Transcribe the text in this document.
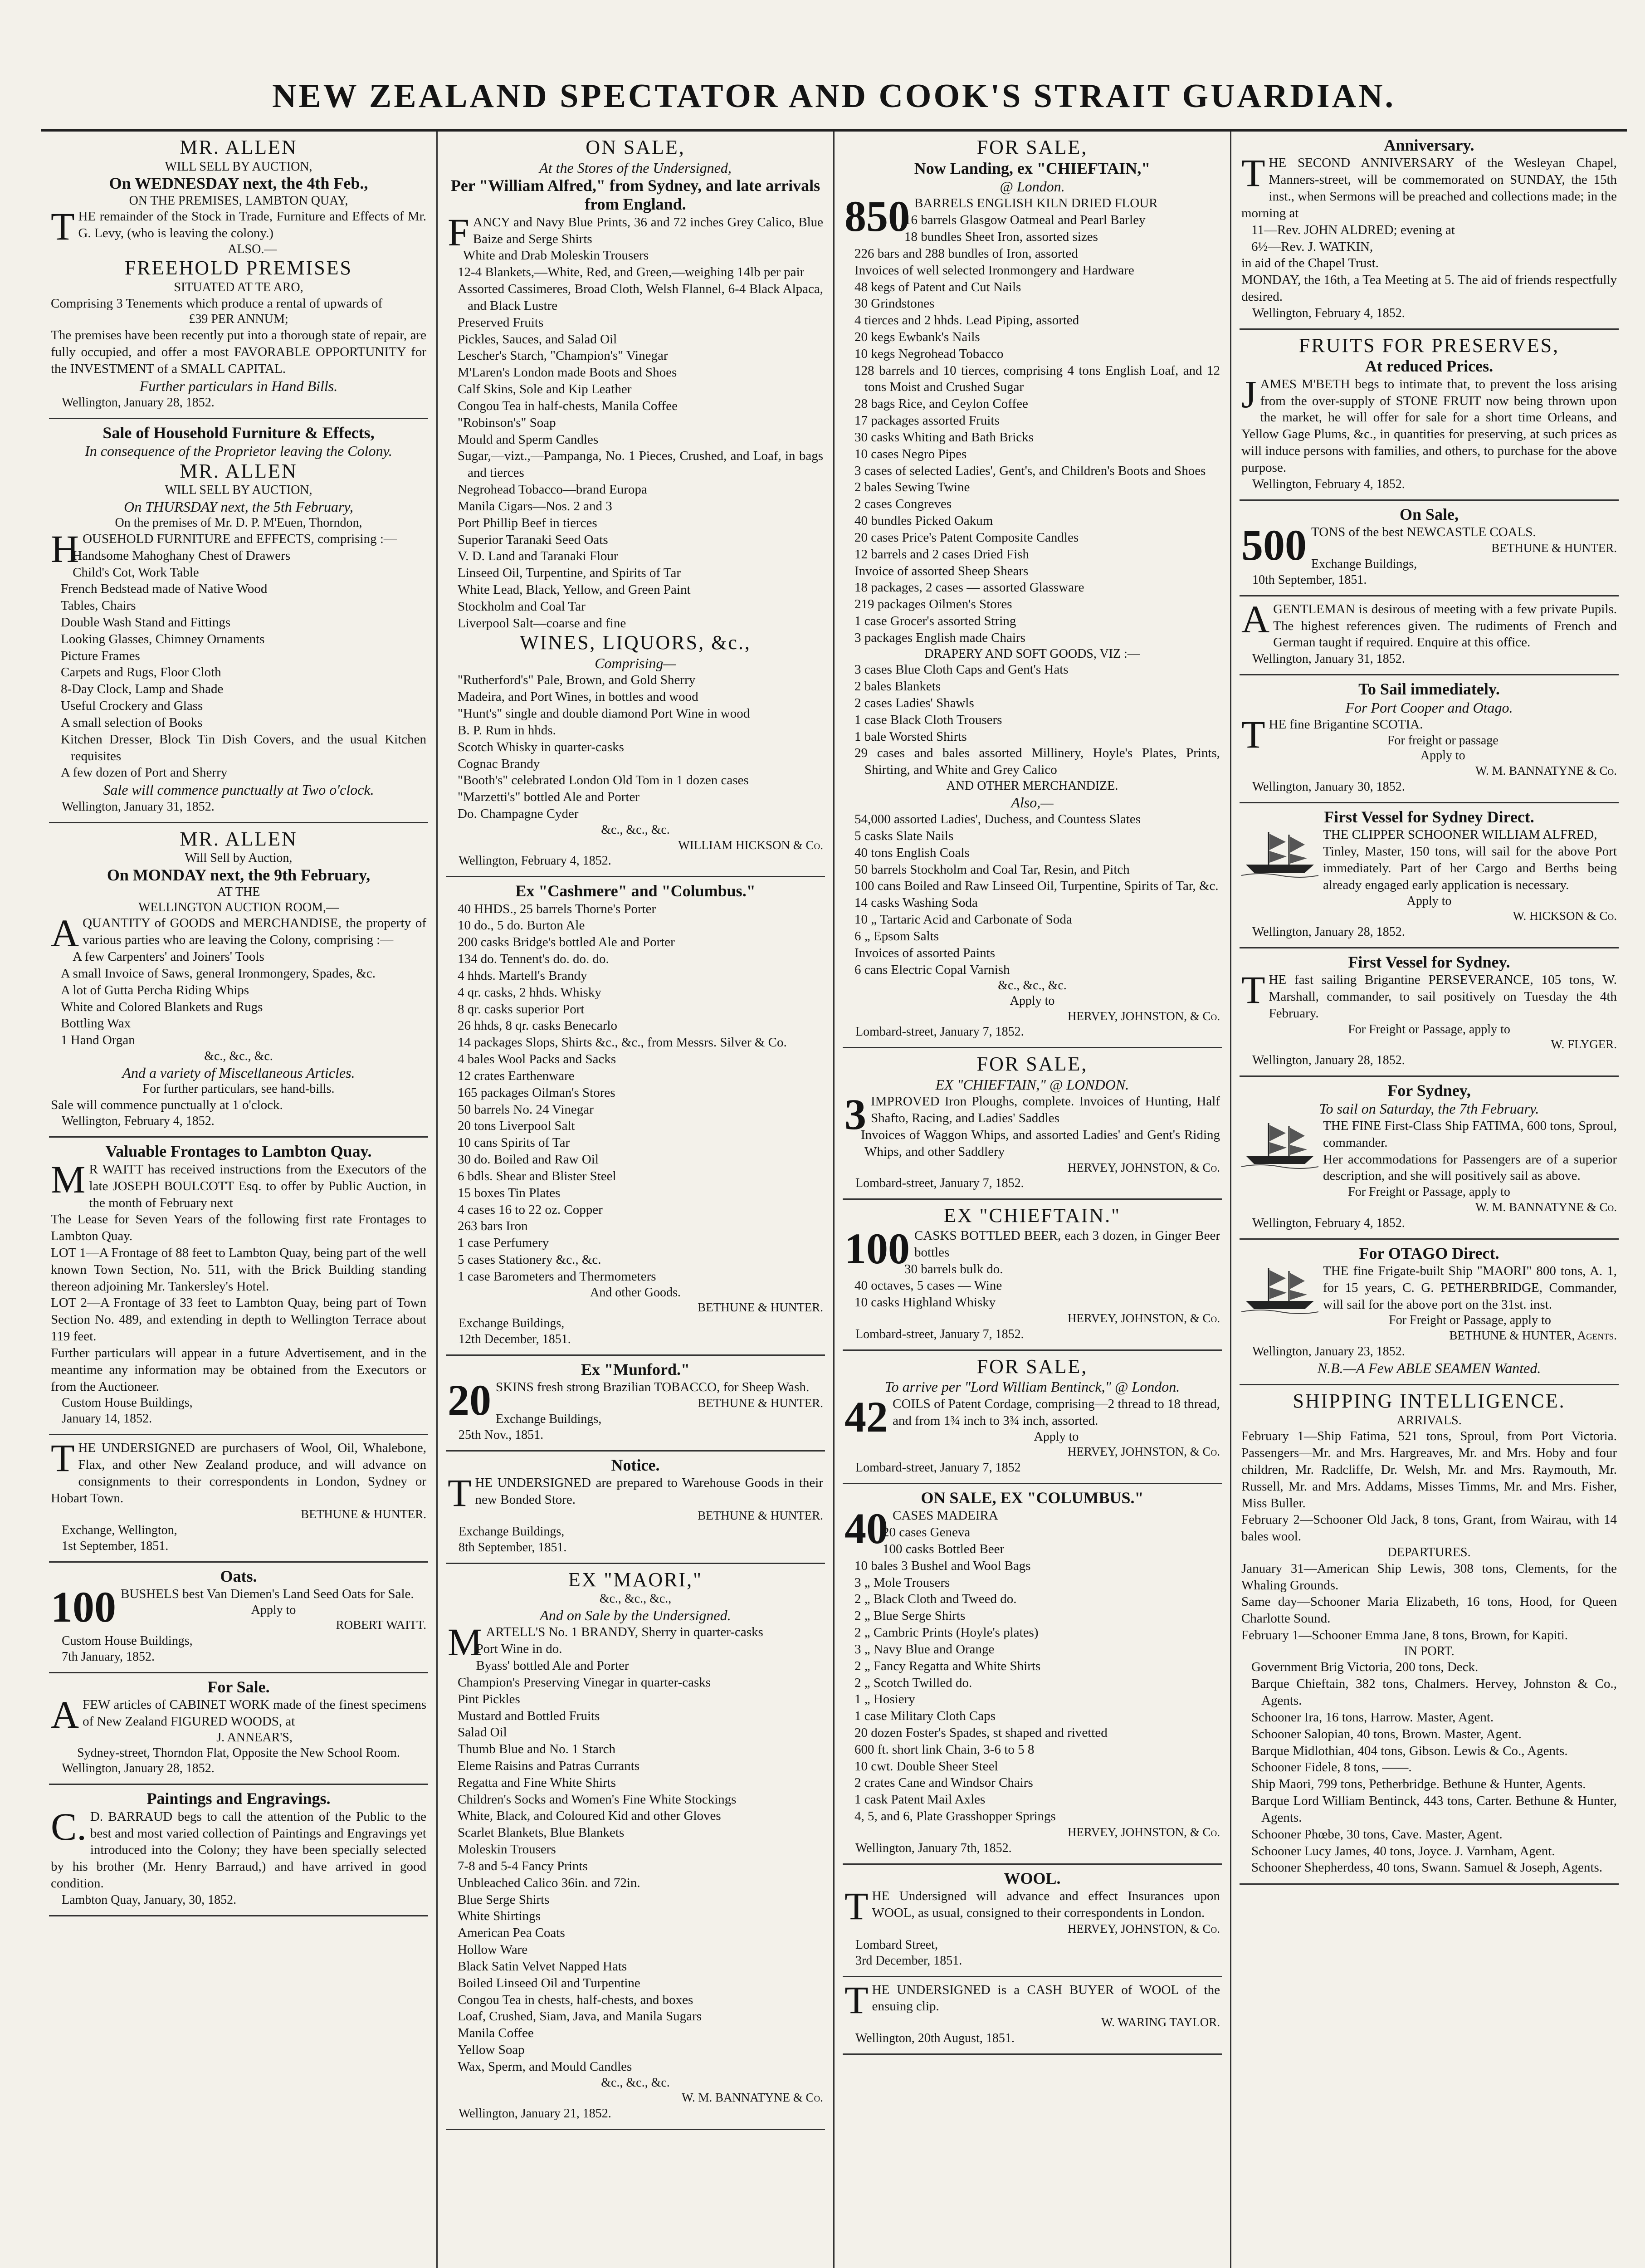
NEW ZEALAND SPECTATOR AND COOK'S STRAIT GUARDIAN.
MR. ALLEN
WILL SELL BY AUCTION,
On WEDNESDAY next, the 4th Feb.,
ON THE PREMISES, LAMBTON QUAY,
THE remainder of the Stock in Trade, Furniture and Effects of Mr. G. Levy, (who is leaving the colony.)
ALSO.—
FREEHOLD PREMISES
SITUATED AT TE ARO,
Comprising 3 Tenements which produce a rental of upwards of
£39 PER ANNUM;
The premises have been recently put into a thorough state of repair, are fully occupied, and offer a most FAVORABLE OPPORTUNITY for the INVESTMENT of a SMALL CAPITAL.
Further particulars in Hand Bills.
Wellington, January 28, 1852.
Sale of Household Furniture & Effects,
In consequence of the Proprietor leaving the Colony.
MR. ALLEN
WILL SELL BY AUCTION,
On THURSDAY next, the 5th February,
On the premises of Mr. D. P. M'Euen, Thorndon,
HOUSEHOLD FURNITURE and EFFECTS, comprising :—
Handsome Mahoghany Chest of Drawers
Child's Cot, Work Table
French Bedstead made of Native Wood
Tables, Chairs
Double Wash Stand and Fittings
Looking Glasses, Chimney Ornaments
Picture Frames
Carpets and Rugs, Floor Cloth
8-Day Clock, Lamp and Shade
Useful Crockery and Glass
A small selection of Books
Kitchen Dresser, Block Tin Dish Covers, and the usual Kitchen requisites
A few dozen of Port and Sherry
Sale will commence punctually at Two o'clock.
Wellington, January 31, 1852.
MR. ALLEN
Will Sell by Auction,
On MONDAY next, the 9th February,
AT THE
WELLINGTON AUCTION ROOM,—
AQUANTITY of GOODS and MERCHANDISE, the property of various parties who are leaving the Colony, comprising :—
A few Carpenters' and Joiners' Tools
A small Invoice of Saws, general Ironmongery, Spades, &c.
A lot of Gutta Percha Riding Whips
White and Colored Blankets and Rugs
Bottling Wax
1 Hand Organ
&c., &c., &c.
And a variety of Miscellaneous Articles.
For further particulars, see hand-bills.
Sale will commence punctually at 1 o'clock.
Wellington, February 4, 1852.
Valuable Frontages to Lambton Quay.
MR WAITT has received instructions from the Executors of the late JOSEPH BOULCOTT Esq. to offer by Public Auction, in the month of February next
The Lease for Seven Years of the following first rate Frontages to Lambton Quay.
LOT 1—A Frontage of 88 feet to Lambton Quay, being part of the well known Town Section, No. 511, with the Brick Building standing thereon adjoining Mr. Tankersley's Hotel.
LOT 2—A Frontage of 33 feet to Lambton Quay, being part of Town Section No. 489, and extending in depth to Wellington Terrace about 119 feet.
Further particulars will appear in a future Advertisement, and in the meantime any information may be obtained from the Executors or from the Auctioneer.
Custom House Buildings,
January 14, 1852.
THE UNDERSIGNED are purchasers of Wool, Oil, Whalebone, Flax, and other New Zealand produce, and will advance on consignments to their correspondents in London, Sydney or Hobart Town.
BETHUNE & HUNTER.
Exchange, Wellington,
1st September, 1851.
Oats.
100 BUSHELS best Van Diemen's Land Seed Oats for Sale.
Apply to
ROBERT WAITT.
Custom House Buildings,
7th January, 1852.
For Sale.
AFEW articles of CABINET WORK made of the finest specimens of New Zealand FIGURED WOODS, at
J. ANNEAR'S,
Sydney-street, Thorndon Flat, Opposite the New School Room.
Wellington, January 28, 1852.
Paintings and Engravings.
C.D. BARRAUD begs to call the attention of the Public to the best and most varied collection of Paintings and Engravings yet introduced into the Colony; they have been specially selected by his brother (Mr. Henry Barraud,) and have arrived in good condition.
Lambton Quay, January, 30, 1852.
ON SALE,
At the Stores of the Undersigned,
Per "William Alfred," from Sydney, and late arrivals from England.
FANCY and Navy Blue Prints, 36 and 72 inches Grey Calico, Blue Baize and Serge Shirts
White and Drab Moleskin Trousers
12-4 Blankets,—White, Red, and Green,—weighing 14lb per pair
Assorted Cassimeres, Broad Cloth, Welsh Flannel, 6-4 Black Alpaca, and Black Lustre
Preserved Fruits
Pickles, Sauces, and Salad Oil
Lescher's Starch, "Champion's" Vinegar
M'Laren's London made Boots and Shoes
Calf Skins, Sole and Kip Leather
Congou Tea in half-chests, Manila Coffee
"Robinson's" Soap
Mould and Sperm Candles
Sugar,—vizt.,—Pampanga, No. 1 Pieces, Crushed, and Loaf, in bags and tierces
Negrohead Tobacco—brand Europa
Manila Cigars—Nos. 2 and 3
Port Phillip Beef in tierces
Superior Taranaki Seed Oats
V. D. Land and Taranaki Flour
Linseed Oil, Turpentine, and Spirits of Tar
White Lead, Black, Yellow, and Green Paint
Stockholm and Coal Tar
Liverpool Salt—coarse and fine
WINES, LIQUORS, &c.,
Comprising—
"Rutherford's" Pale, Brown, and Gold Sherry
Madeira, and Port Wines, in bottles and wood
"Hunt's" single and double diamond Port Wine in wood
B. P. Rum in hhds.
Scotch Whisky in quarter-casks
Cognac Brandy
"Booth's" celebrated London Old Tom in 1 dozen cases
"Marzetti's" bottled Ale and Porter
Do. Champagne Cyder
&c., &c., &c.
WILLIAM HICKSON & Co.
Wellington, February 4, 1852.
Ex "Cashmere" and "Columbus."
40 HHDS., 25 barrels Thorne's Porter
10 do., 5 do. Burton Ale
200 casks Bridge's bottled Ale and Porter
134 do. Tennent's do. do. do.
4 hhds. Martell's Brandy
4 qr. casks, 2 hhds. Whisky
8 qr. casks superior Port
26 hhds, 8 qr. casks Benecarlo
14 packages Slops, Shirts &c., &c., from Messrs. Silver & Co.
4 bales Wool Packs and Sacks
12 crates Earthenware
165 packages Oilman's Stores
50 barrels No. 24 Vinegar
20 tons Liverpool Salt
10 cans Spirits of Tar
30 do. Boiled and Raw Oil
6 bdls. Shear and Blister Steel
15 boxes Tin Plates
4 cases 16 to 22 oz. Copper
263 bars Iron
1 case Perfumery
5 cases Stationery &c., &c.
1 case Barometers and Thermometers
And other Goods.
BETHUNE & HUNTER.
Exchange Buildings,
12th December, 1851.
Ex "Munford."
20 SKINS fresh strong Brazilian TOBACCO, for Sheep Wash.
BETHUNE & HUNTER.
Exchange Buildings,
25th Nov., 1851.
Notice.
THE UNDERSIGNED are prepared to Warehouse Goods in their new Bonded Store.
BETHUNE & HUNTER.
Exchange Buildings,
8th September, 1851.
EX "MAORI,"
&c., &c., &c.,
And on Sale by the Undersigned.
MARTELL'S No. 1 BRANDY, Sherry in quarter-casks
Port Wine in do.
Byass' bottled Ale and Porter
Champion's Preserving Vinegar in quarter-casks
Pint Pickles
Mustard and Bottled Fruits
Salad Oil
Thumb Blue and No. 1 Starch
Eleme Raisins and Patras Currants
Regatta and Fine White Shirts
Children's Socks and Women's Fine White Stockings
White, Black, and Coloured Kid and other Gloves
Scarlet Blankets, Blue Blankets
Moleskin Trousers
7-8 and 5-4 Fancy Prints
Unbleached Calico 36in. and 72in.
Blue Serge Shirts
White Shirtings
American Pea Coats
Hollow Ware
Black Satin Velvet Napped Hats
Boiled Linseed Oil and Turpentine
Congou Tea in chests, half-chests, and boxes
Loaf, Crushed, Siam, Java, and Manila Sugars
Manila Coffee
Yellow Soap
Wax, Sperm, and Mould Candles
&c., &c., &c.
W. M. BANNATYNE & Co.
Wellington, January 21, 1852.
FOR SALE,
Now Landing, ex "CHIEFTAIN,"
@ London.
850 BARRELS ENGLISH KILN DRIED FLOUR
16 barrels Glasgow Oatmeal and Pearl Barley
18 bundles Sheet Iron, assorted sizes
226 bars and 288 bundles of Iron, assorted
Invoices of well selected Ironmongery and Hardware
48 kegs of Patent and Cut Nails
30 Grindstones
4 tierces and 2 hhds. Lead Piping, assorted
20 kegs Ewbank's Nails
10 kegs Negrohead Tobacco
128 barrels and 10 tierces, comprising 4 tons English Loaf, and 12 tons Moist and Crushed Sugar
28 bags Rice, and Ceylon Coffee
17 packages assorted Fruits
30 casks Whiting and Bath Bricks
10 cases Negro Pipes
3 cases of selected Ladies', Gent's, and Children's Boots and Shoes
2 bales Sewing Twine
2 cases Congreves
40 bundles Picked Oakum
20 cases Price's Patent Composite Candles
12 barrels and 2 cases Dried Fish
Invoice of assorted Sheep Shears
18 packages, 2 cases — assorted Glassware
219 packages Oilmen's Stores
1 case Grocer's assorted String
3 packages English made Chairs
DRAPERY AND SOFT GOODS, VIZ :—
3 cases Blue Cloth Caps and Gent's Hats
2 bales Blankets
2 cases Ladies' Shawls
1 case Black Cloth Trousers
1 bale Worsted Shirts
29 cases and bales assorted Millinery, Hoyle's Plates, Prints, Shirting, and White and Grey Calico
AND OTHER MERCHANDIZE.
Also,—
54,000 assorted Ladies', Duchess, and Countess Slates
5 casks Slate Nails
40 tons English Coals
50 barrels Stockholm and Coal Tar, Resin, and Pitch
100 cans Boiled and Raw Linseed Oil, Turpentine, Spirits of Tar, &c.
14 casks Washing Soda
10 „ Tartaric Acid and Carbonate of Soda
6 „ Epsom Salts
Invoices of assorted Paints
6 cans Electric Copal Varnish
&c., &c., &c.
Apply to
HERVEY, JOHNSTON, & Co.
Lombard-street, January 7, 1852.
FOR SALE,
EX "CHIEFTAIN," @ LONDON.
3 IMPROVED Iron Ploughs, complete. Invoices of Hunting, Half Shafto, Racing, and Ladies' Saddles
Invoices of Waggon Whips, and assorted Ladies' and Gent's Riding Whips, and other Saddlery
HERVEY, JOHNSTON, & Co.
Lombard-street, January 7, 1852.
EX "CHIEFTAIN."
100 CASKS BOTTLED BEER, each 3 dozen, in Ginger Beer bottles
30 barrels bulk do.
40 octaves, 5 cases — Wine
10 casks Highland Whisky
HERVEY, JOHNSTON, & Co.
Lombard-street, January 7, 1852.
FOR SALE,
To arrive per "Lord William Bentinck," @ London.
42 COILS of Patent Cordage, comprising—2 thread to 18 thread, and from 1¾ inch to 3¾ inch, assorted.
Apply to
HERVEY, JOHNSTON, & Co.
Lombard-street, January 7, 1852
ON SALE, EX "COLUMBUS."
40 CASES MADEIRA
20 cases Geneva
100 casks Bottled Beer
10 bales 3 Bushel and Wool Bags
3 „ Mole Trousers
2 „ Black Cloth and Tweed do.
2 „ Blue Serge Shirts
2 „ Cambric Prints (Hoyle's plates)
3 „ Navy Blue and Orange
2 „ Fancy Regatta and White Shirts
2 „ Scotch Twilled do.
1 „ Hosiery
1 case Military Cloth Caps
20 dozen Foster's Spades, st shaped and rivetted
600 ft. short link Chain, 3-6 to 5 8
10 cwt. Double Sheer Steel
2 crates Cane and Windsor Chairs
1 cask Patent Mail Axles
4, 5, and 6, Plate Grasshopper Springs
HERVEY, JOHNSTON, & Co.
Wellington, January 7th, 1852.
WOOL.
THE Undersigned will advance and effect Insurances upon WOOL, as usual, consigned to their correspondents in London.
HERVEY, JOHNSTON, & Co.
Lombard Street,
3rd December, 1851.
THE UNDERSIGNED is a CASH BUYER of WOOL of the ensuing clip.
W. WARING TAYLOR.
Wellington, 20th August, 1851.
Anniversary.
THE SECOND ANNIVERSARY of the Wesleyan Chapel, Manners-street, will be commemorated on SUNDAY, the 15th inst., when Sermons will be preached and collections made; in the morning at
11—Rev. JOHN ALDRED; evening at
6½—Rev. J. WATKIN,
in aid of the Chapel Trust.
MONDAY, the 16th, a Tea Meeting at 5. The aid of friends respectfully desired.
Wellington, February 4, 1852.
FRUITS FOR PRESERVES,
At reduced Prices.
JAMES M'BETH begs to intimate that, to prevent the loss arising from the over-supply of STONE FRUIT now being thrown upon the market, he will offer for sale for a short time Orleans, and Yellow Gage Plums, &c., in quantities for preserving, at such prices as will induce persons with families, and others, to purchase for the above purpose.
Wellington, February 4, 1852.
On Sale,
500 TONS of the best NEWCASTLE COALS.
BETHUNE & HUNTER.
Exchange Buildings,
10th September, 1851.
AGENTLEMAN is desirous of meeting with a few private Pupils. The highest references given. The rudiments of French and German taught if required. Enquire at this office.
Wellington, January 31, 1852.
To Sail immediately.
For Port Cooper and Otago.
THE fine Brigantine SCOTIA.
For freight or passage
Apply to
W. M. BANNATYNE & Co.
Wellington, January 30, 1852.
First Vessel for Sydney Direct.
THE CLIPPER SCHOONER WILLIAM ALFRED,
Tinley, Master, 150 tons, will sail for the above Port immediately. Part of her Cargo and Berths being already engaged early application is necessary.
Apply to
W. HICKSON & Co.
Wellington, January 28, 1852.
First Vessel for Sydney.
THE fast sailing Brigantine PERSEVERANCE, 105 tons, W. Marshall, commander, to sail positively on Tuesday the 4th February.
For Freight or Passage, apply to
W. FLYGER.
Wellington, January 28, 1852.
For Sydney,
To sail on Saturday, the 7th February.
THE FINE First-Class Ship FATIMA, 600 tons, Sproul, commander.
Her accommodations for Passengers are of a superior description, and she will positively sail as above.
For Freight or Passage, apply to
W. M. BANNATYNE & Co.
Wellington, February 4, 1852.
For OTAGO Direct.
THE fine Frigate-built Ship "MAORI" 800 tons, A. 1, for 15 years, C. G. PETHERBRIDGE, Commander, will sail for the above port on the 31st. inst.
For Freight or Passage, apply to
BETHUNE & HUNTER, Agents.
Wellington, January 23, 1852.
N.B.—A Few ABLE SEAMEN Wanted.
SHIPPING INTELLIGENCE.
ARRIVALS.
February 1—Ship Fatima, 521 tons, Sproul, from Port Victoria. Passengers—Mr. and Mrs. Hargreaves, Mr. and Mrs. Hoby and four children, Mr. Radcliffe, Dr. Welsh, Mr. and Mrs. Raymouth, Mr. Russell, Mr. and Mrs. Addams, Misses Timms, Mr. and Mrs. Fisher, Miss Buller.
February 2—Schooner Old Jack, 8 tons, Grant, from Wairau, with 14 bales wool.
DEPARTURES.
January 31—American Ship Lewis, 308 tons, Clements, for the Whaling Grounds.
Same day—Schooner Maria Elizabeth, 16 tons, Hood, for Queen Charlotte Sound.
February 1—Schooner Emma Jane, 8 tons, Brown, for Kapiti.
IN PORT.
Government Brig Victoria, 200 tons, Deck.
Barque Chieftain, 382 tons, Chalmers. Hervey, Johnston & Co., Agents.
Schooner Ira, 16 tons, Harrow. Master, Agent.
Schooner Salopian, 40 tons, Brown. Master, Agent.
Barque Midlothian, 404 tons, Gibson. Lewis & Co., Agents.
Schooner Fidele, 8 tons, ——.
Ship Maori, 799 tons, Petherbridge. Bethune & Hunter, Agents.
Barque Lord William Bentinck, 443 tons, Carter. Bethune & Hunter, Agents.
Schooner Phœbe, 30 tons, Cave. Master, Agent.
Schooner Lucy James, 40 tons, Joyce. J. Varnham, Agent.
Schooner Shepherdess, 40 tons, Swann. Samuel & Joseph, Agents.
